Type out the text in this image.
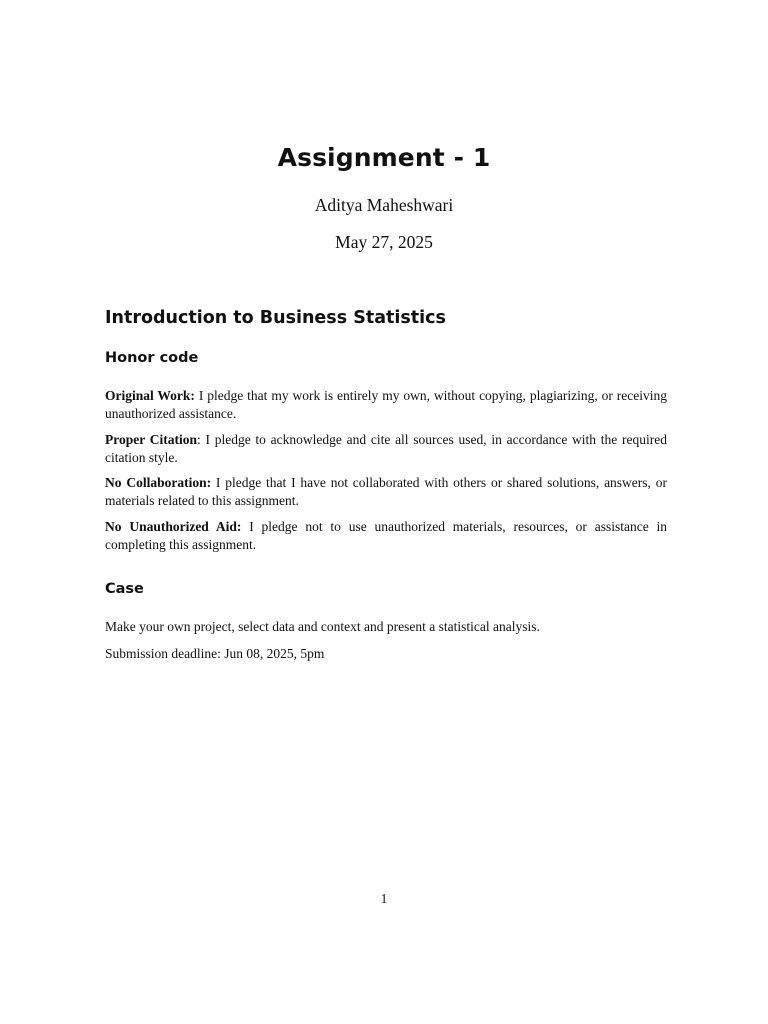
Assignment - 1
Aditya Maheshwari
May 27, 2025
Introduction to Business Statistics
Honor code
Original Work: I pledge that my work is entirely my own, without copying, plagiarizing, or receiving unauthorized assistance.
Proper Citation: I pledge to acknowledge and cite all sources used, in accordance with the required citation style.
No Collaboration: I pledge that I have not collaborated with others or shared solutions, answers, or materials related to this assignment.
No Unauthorized Aid: I pledge not to use unauthorized materials, resources, or assistance in completing this assignment.
Case
Make your own project, select data and context and present a statistical analysis.
Submission deadline: Jun 08, 2025, 5pm
1
